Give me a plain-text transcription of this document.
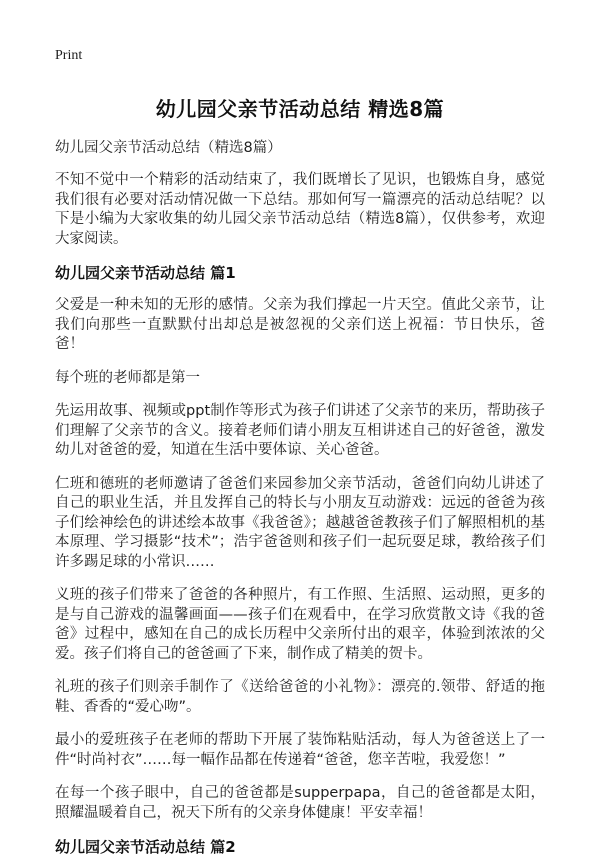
Print
幼儿园父亲节活动总结 精选8篇

幼儿园父亲节活动总结（精选8篇）

不知不觉中一个精彩的活动结束了，我们既增长了见识，也锻炼自身，感觉我们很有必要对活动情况做一下总结。那如何写一篇漂亮的活动总结呢？以下是小编为大家收集的幼儿园父亲节活动总结（精选8篇），仅供参考，欢迎大家阅读。

幼儿园父亲节活动总结 篇1

父爱是一种未知的无形的感情。父亲为我们撑起一片天空。值此父亲节，让我们向那些一直默默付出却总是被忽视的父亲们送上祝福：节日快乐，爸爸！

每个班的老师都是第一

先运用故事、视频或ppt制作等形式为孩子们讲述了父亲节的来历，帮助孩子们理解了父亲节的含义。接着老师们请小朋友互相讲述自己的好爸爸，激发幼儿对爸爸的爱，知道在生活中要体谅、关心爸爸。

仁班和德班的老师邀请了爸爸们来园参加父亲节活动，爸爸们向幼儿讲述了自己的职业生活，并且发挥自己的特长与小朋友互动游戏：远远的爸爸为孩子们绘神绘色的讲述绘本故事《我爸爸》；越越爸爸教孩子们了解照相机的基本原理、学习摄影“技术”；浩宇爸爸则和孩子们一起玩耍足球，教给孩子们许多踢足球的小常识……

义班的孩子们带来了爸爸的各种照片，有工作照、生活照、运动照，更多的是与自己游戏的温馨画面——孩子们在观看中，在学习欣赏散文诗《我的爸爸》过程中，感知在自己的成长历程中父亲所付出的艰辛，体验到浓浓的父爱。孩子们将自己的爸爸画了下来，制作成了精美的贺卡。

礼班的孩子们则亲手制作了《送给爸爸的小礼物》：漂亮的.领带、舒适的拖鞋、香香的“爱心吻”。

最小的爱班孩子在老师的帮助下开展了装饰粘贴活动，每人为爸爸送上了一件“时尚衬衣”……每一幅作品都在传递着“爸爸，您辛苦啦，我爱您！”

在每一个孩子眼中，自己的爸爸都是supperpapa，自己的爸爸都是太阳，照耀温暖着自己，祝天下所有的父亲身体健康！平安幸福！

幼儿园父亲节活动总结 篇2
